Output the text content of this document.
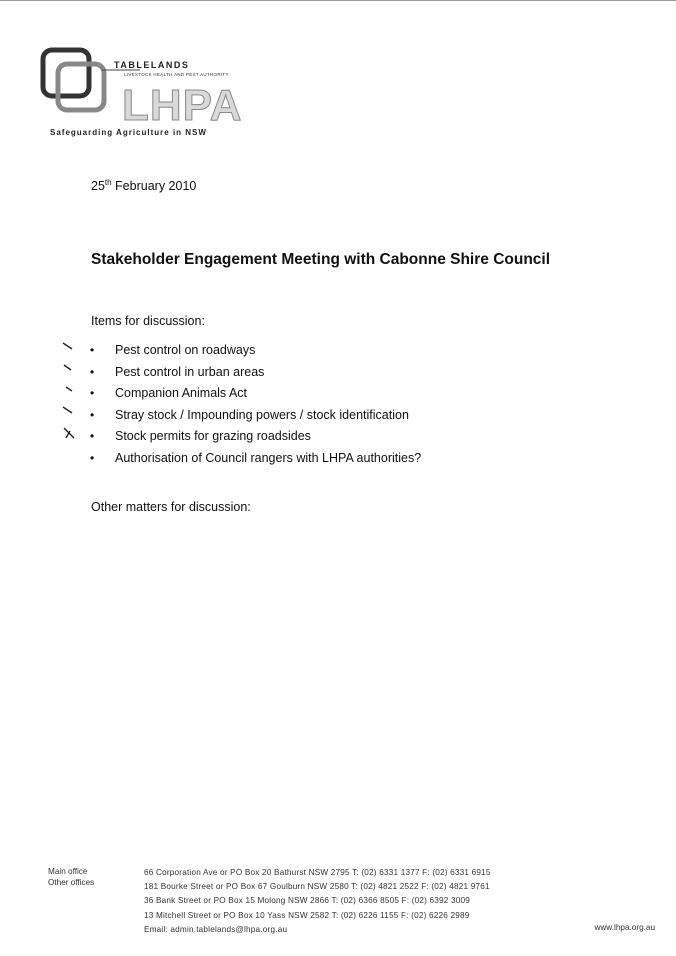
LHPA
TABLELANDS
LIVESTOCK HEALTH AND PEST AUTHORITY
Safeguarding Agriculture in NSW
25th February 2010
Stakeholder Engagement Meeting with Cabonne Shire Council
Items for discussion:
• Pest control on roadways
• Pest control in urban areas
• Companion Animals Act
• Stray stock / Impounding powers / stock identification
• Stock permits for grazing roadsides
• Authorisation of Council rangers with LHPA authorities?
Other matters for discussion:
Main office
Other offices
66 Corporation Ave or PO Box 20 Bathurst NSW 2795 T: (02) 6331 1377 F: (02) 6331 6915
181 Bourke Street or PO Box 67 Goulburn NSW 2580 T: (02) 4821 2522 F: (02) 4821 9761
36 Bank Street or PO Box 15 Molong NSW 2866 T: (02) 6366 8505 F: (02) 6392 3009
13 Mitchell Street or PO Box 10 Yass NSW 2582 T: (02) 6226 1155 F: (02) 6226 2989
Email: admin.tablelands@lhpa.org.au	www.lhpa.org.au
